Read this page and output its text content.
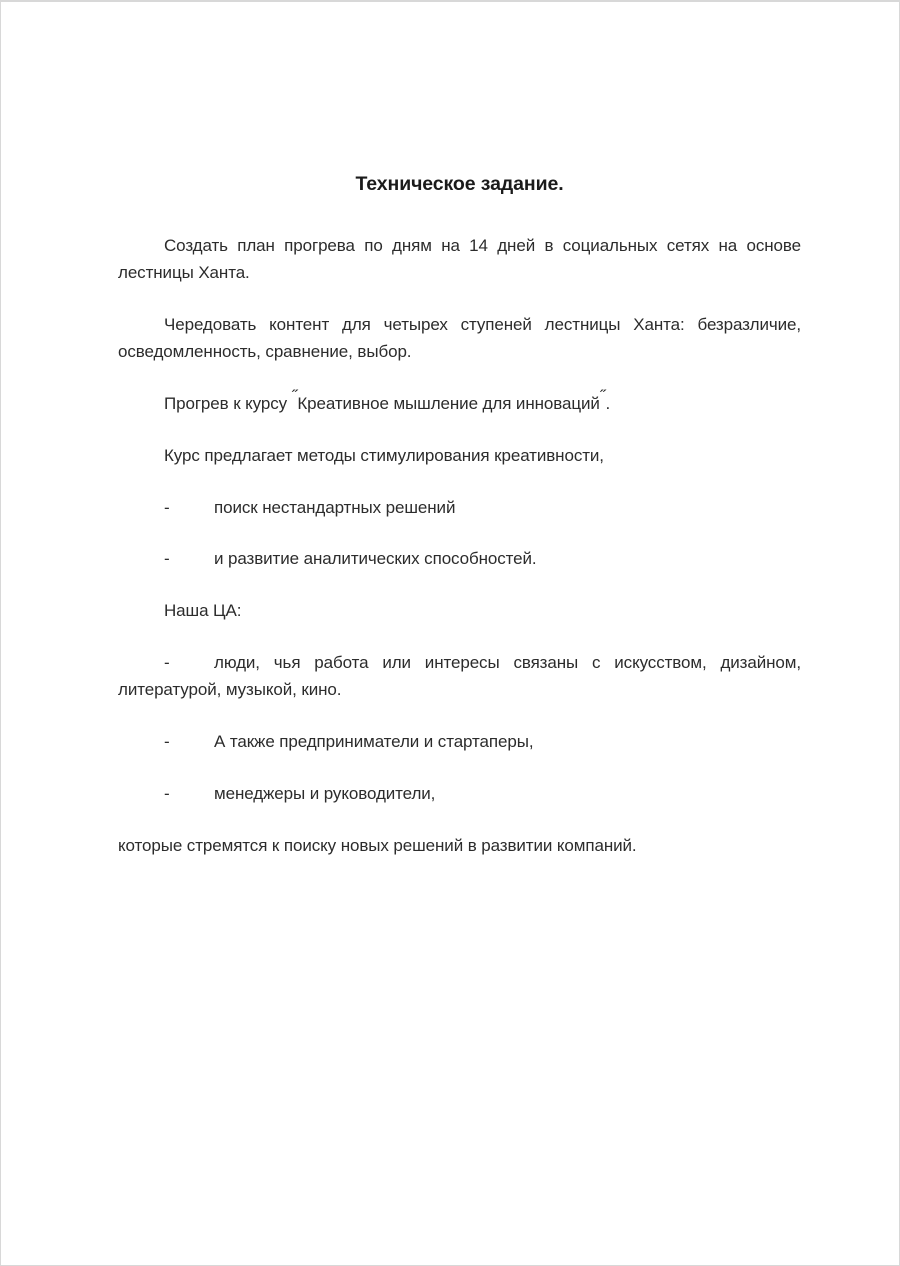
Техническое задание.

Создать план прогрева по дням на 14 дней в социальных сетях на основе лестницы Ханта.

Чередовать контент для четырех ступеней лестницы Ханта: безразличие, осведомленность, сравнение, выбор.

Прогрев к курсу ˝Креативное мышление для инноваций˝.

Курс предлагает методы стимулирования креативности,

-	поиск нестандартных решений
-	и развитие аналитических способностей.

Наша ЦА:

-	люди, чья работа или интересы связаны с искусством, дизайном, литературой, музыкой, кино.
-	А также предприниматели и стартаперы,
-	менеджеры и руководители,

которые стремятся к поиску новых решений в развитии компаний.
